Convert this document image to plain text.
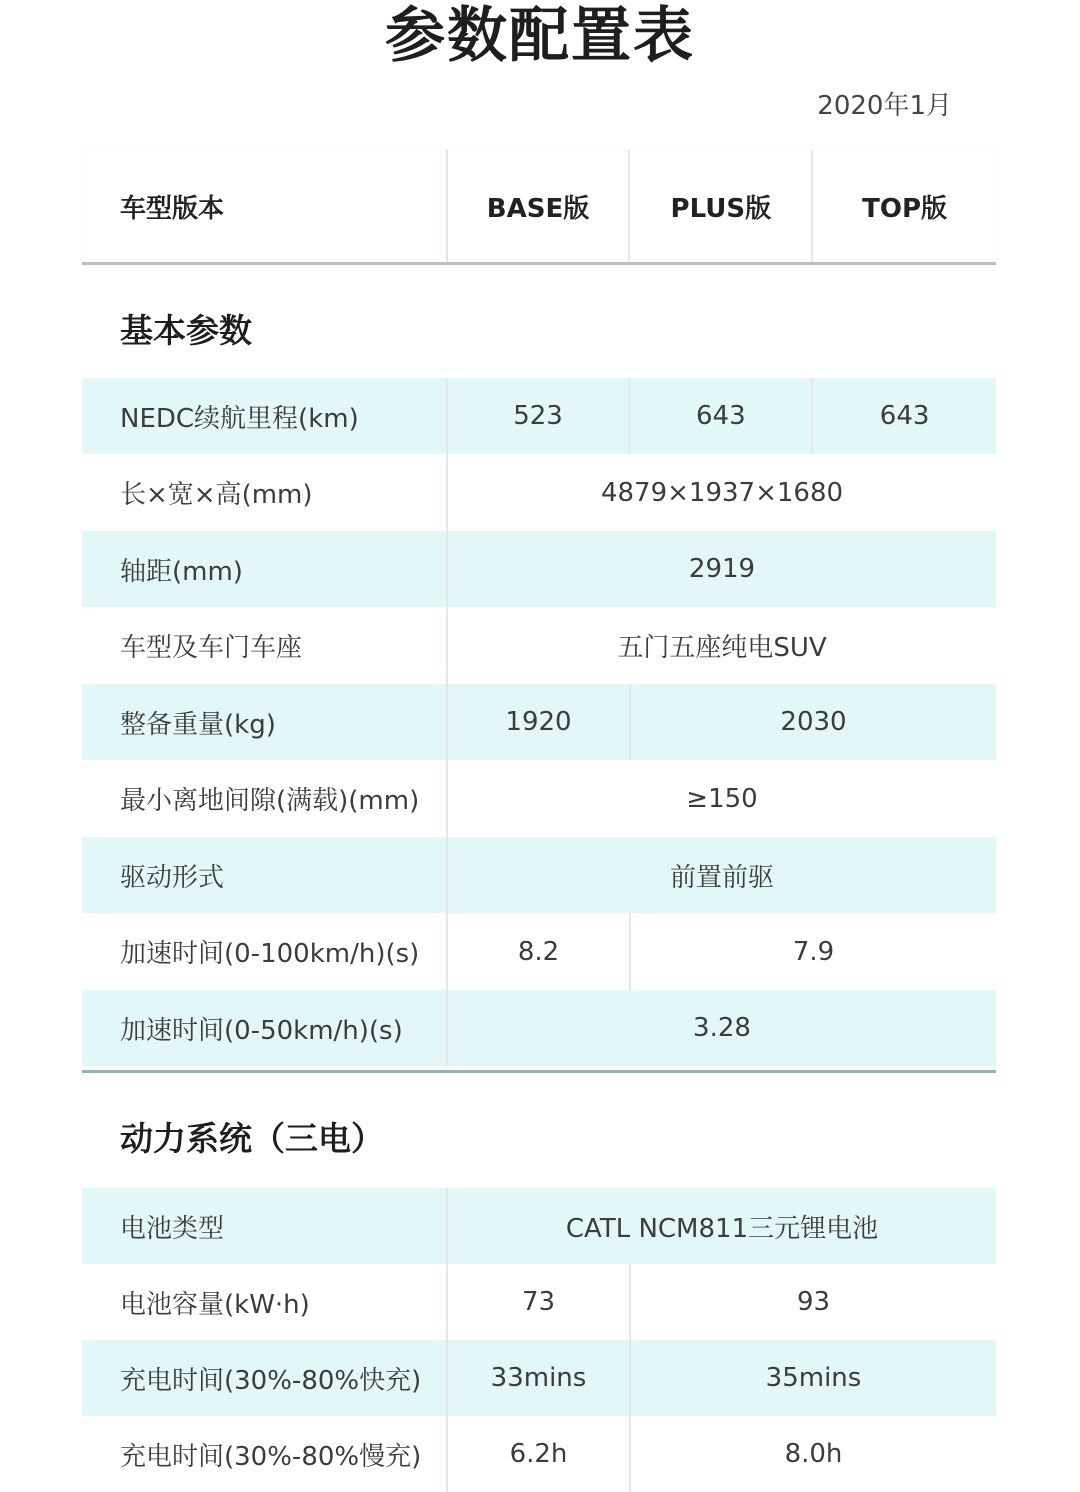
参数配置表
2020年1月
车型版本	BASE版	PLUS版	TOP版
基本参数
NEDC续航里程(km)	523	643	643
长×宽×高(mm)	4879×1937×1680
轴距(mm)	2919
车型及车门车座	五门五座纯电SUV
整备重量(kg)	1920	2030
最小离地间隙(满载)(mm)	≥150
驱动形式	前置前驱
加速时间(0-100km/h)(s)	8.2	7.9
加速时间(0-50km/h)(s)	3.28
动力系统（三电）
电池类型	CATL NCM811三元锂电池
电池容量(kW·h)	73	93
充电时间(30%-80%快充)	33mins	35mins
充电时间(30%-80%慢充)	6.2h	8.0h
